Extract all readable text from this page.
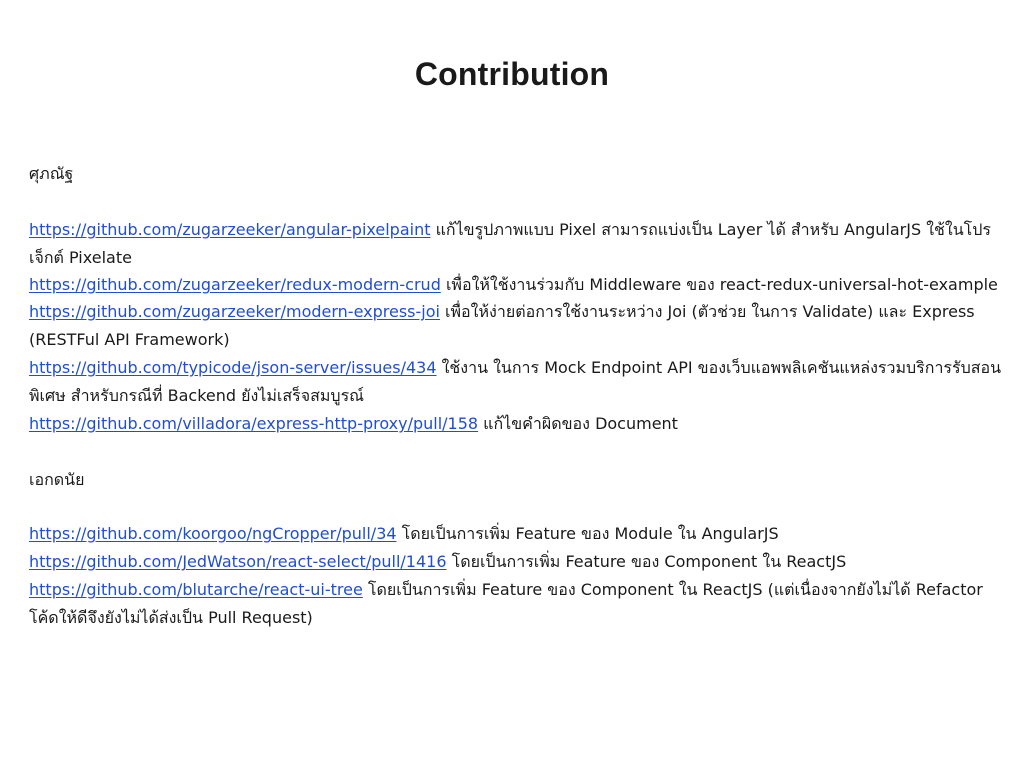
Contribution
ศุภณัฐ
https://github.com/zugarzeeker/angular-pixelpaint แก้ไขรูปภาพแบบ Pixel สามารถแบ่งเป็น Layer ได้ สำหรับ AngularJS ใช้ในโปรเจ็กต์ Pixelate
https://github.com/zugarzeeker/redux-modern-crud เพื่อให้ใช้งานร่วมกับ Middleware ของ react-redux-universal-hot-example
https://github.com/zugarzeeker/modern-express-joi เพื่อให้ง่ายต่อการใช้งานระหว่าง Joi (ตัวช่วย ในการ Validate) และ Express (RESTFul API Framework)
https://github.com/typicode/json-server/issues/434 ใช้งาน ในการ Mock Endpoint API ของเว็บแอพพลิเคชันแหล่งรวมบริการรับสอนพิเศษ สำหรับกรณีที่ Backend ยังไม่เสร็จสมบูรณ์
https://github.com/villadora/express-http-proxy/pull/158 แก้ไขคำผิดของ Document
เอกดนัย
https://github.com/koorgoo/ngCropper/pull/34 โดยเป็นการเพิ่ม Feature ของ Module ใน AngularJS
https://github.com/JedWatson/react-select/pull/1416 โดยเป็นการเพิ่ม Feature ของ Component ใน ReactJS
https://github.com/blutarche/react-ui-tree โดยเป็นการเพิ่ม Feature ของ Component ใน ReactJS (แต่เนื่องจากยังไม่ได้ Refactor โค้ดให้ดีจึงยังไม่ได้ส่งเป็น Pull Request)
